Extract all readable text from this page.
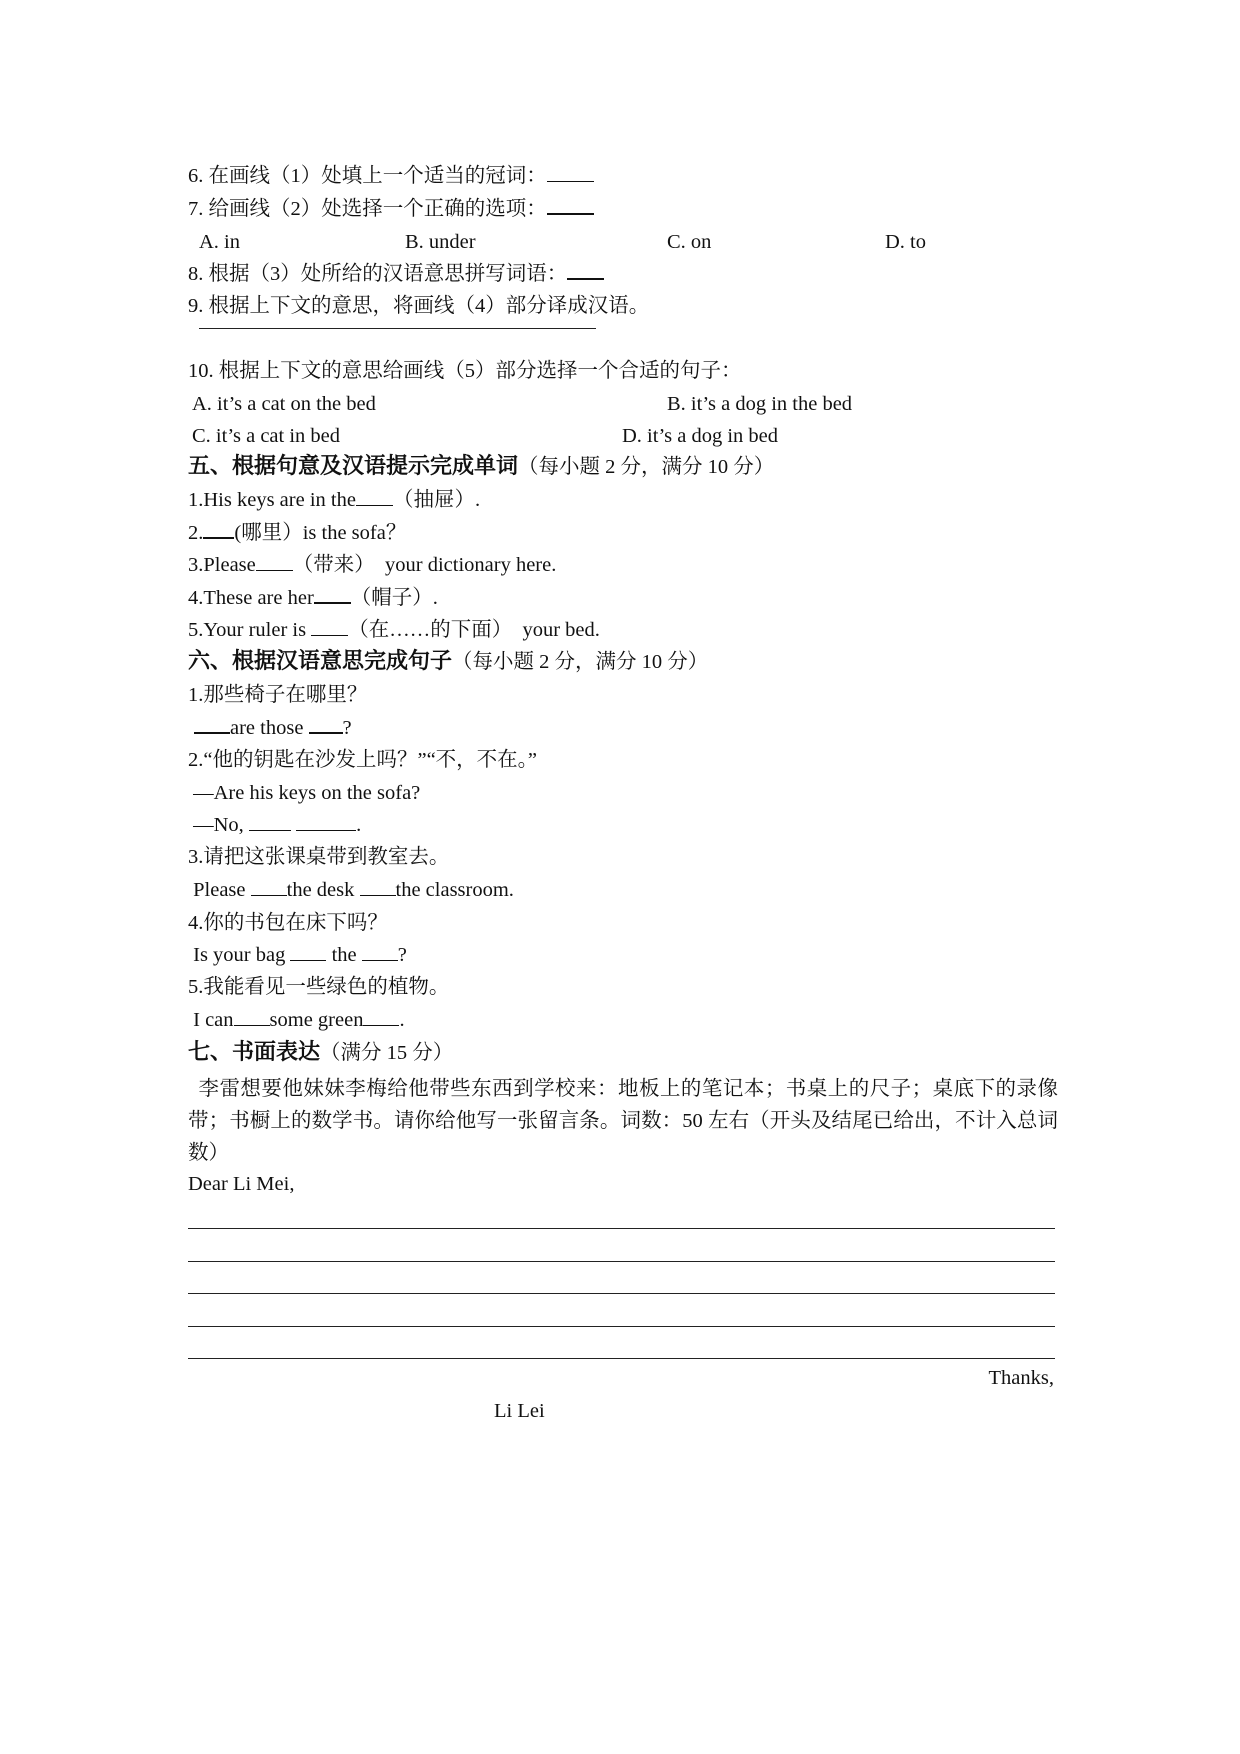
6. 在画线（1）处填上一个适当的冠词：
7. 给画线（2）处选择一个正确的选项：
A. in	B. under	C. on	D. to
8. 根据（3）处所给的汉语意思拼写词语：
9. 根据上下文的意思，将画线（4）部分译成汉语。
10. 根据上下文的意思给画线（5）部分选择一个合适的句子：
A. it’s a cat on the bed	B. it’s a dog in the bed
C. it’s a cat in bed	D. it’s a dog in bed
五、根据句意及汉语提示完成单词（每小题 2 分，满分 10 分）
1.His keys are in the （抽屉）.
2. (哪里）is the sofa？
3.Please （带来）  your dictionary here.
4.These are her （帽子）.
5.Your ruler is （在……的下面）  your bed.
六、根据汉语意思完成句子（每小题 2 分，满分 10 分）
1.那些椅子在哪里？
are those ?
2.“他的钥匙在沙发上吗？”“不，不在。”
—Are his keys on the sofa?
—No,	.
3.请把这张课桌带到教室去。
Please the desk the classroom.
4.你的书包在床下吗？
Is your bag  the ?
5.我能看见一些绿色的植物。
I can some green .
七、书面表达（满分 15 分）
李雷想要他妹妹李梅给他带些东西到学校来：地板上的笔记本；书桌上的尺子；桌底下的录像带；书橱上的数学书。请你给他写一张留言条。词数：50 左右（开头及结尾已给出，不计入总词数）
Dear Li Mei,
Thanks,
Li Lei
